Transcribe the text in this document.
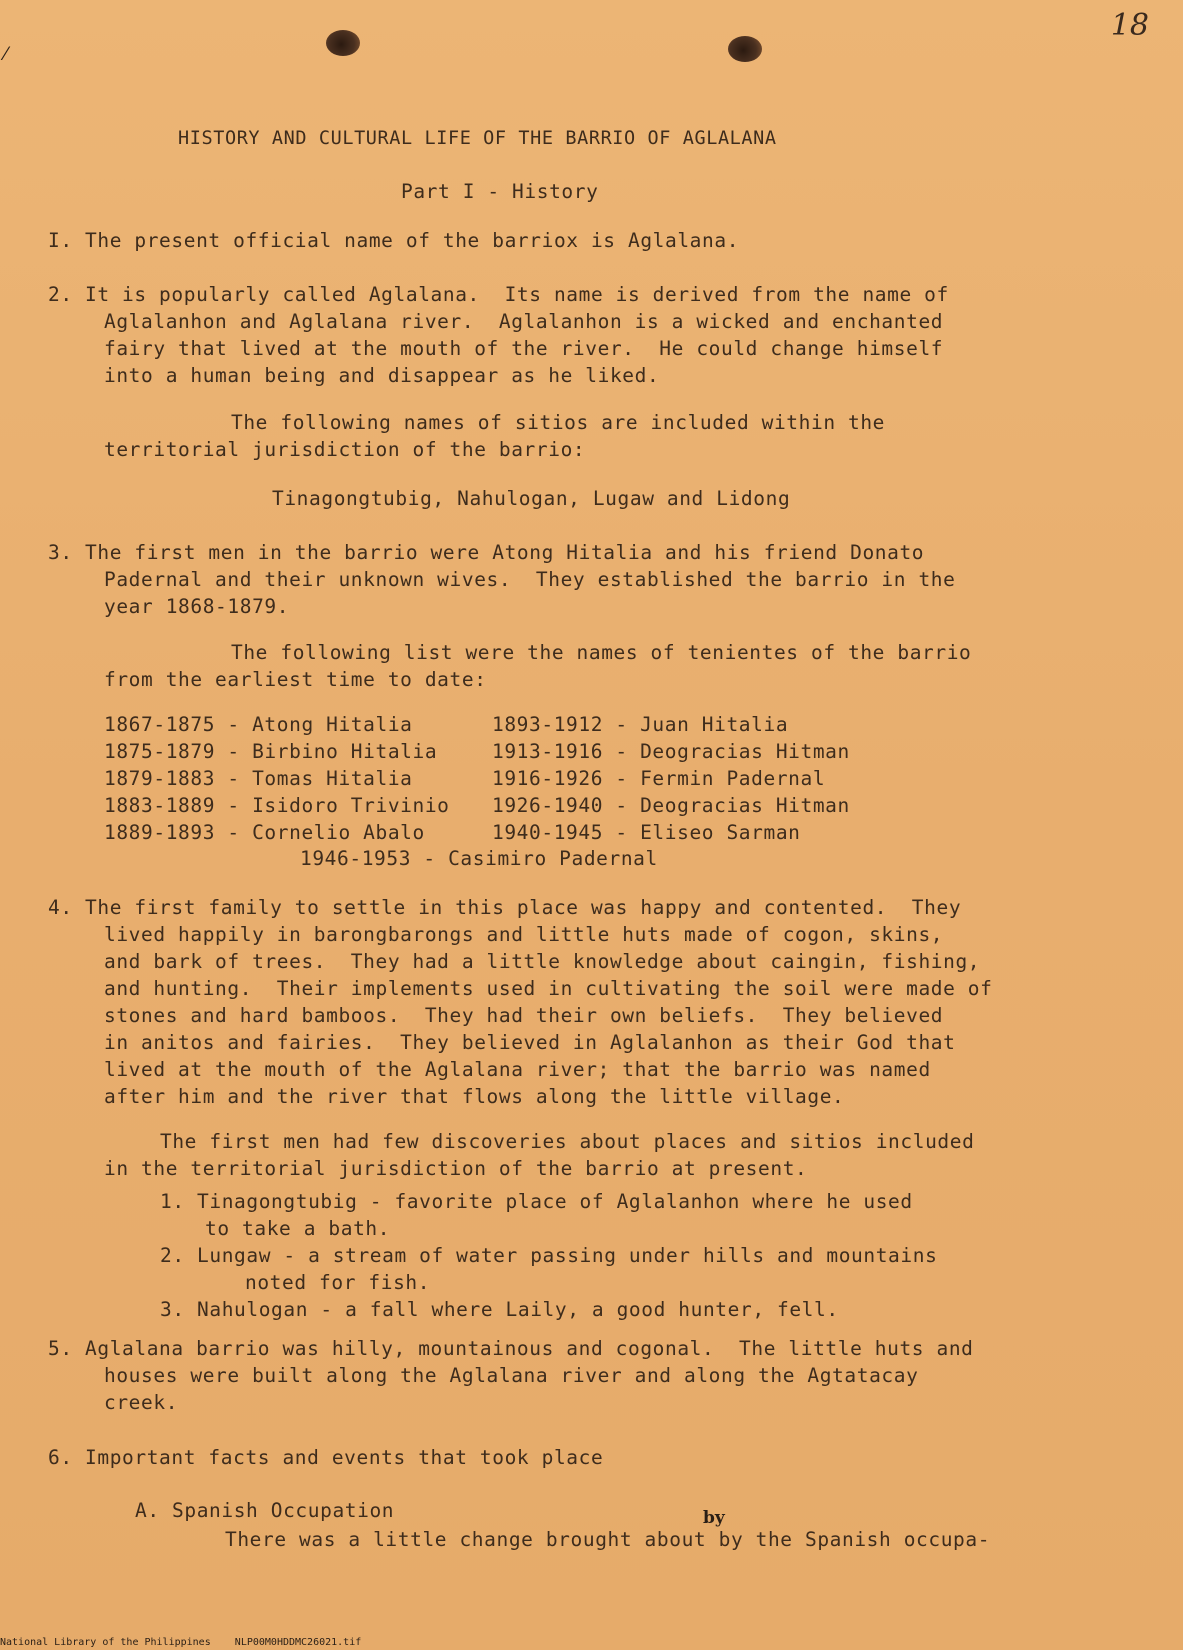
18
HISTORY AND CULTURAL LIFE OF THE BARRIO OF AGLALANA
Part I - History
I. The present official name of the barriox is Aglalana.
2. It is popularly called Aglalana.  Its name is derived from the name of
Aglalanhon and Aglalana river.  Aglalanhon is a wicked and enchanted
fairy that lived at the mouth of the river.  He could change himself
into a human being and disappear as he liked.
The following names of sitios are included within the
territorial jurisdiction of the barrio:
Tinagongtubig, Nahulogan, Lugaw and Lidong
3. The first men in the barrio were Atong Hitalia and his friend Donato
Padernal and their unknown wives.  They established the barrio in the
year 1868-1879.
The following list were the names of tenientes of the barrio
from the earliest time to date:
1867-1875 - Atong Hitalia
1875-1879 - Birbino Hitalia
1879-1883 - Tomas Hitalia
1883-1889 - Isidoro Trivinio
1889-1893 - Cornelio Abalo
1893-1912 - Juan Hitalia
1913-1916 - Deogracias Hitman
1916-1926 - Fermin Padernal
1926-1940 - Deogracias Hitman
1940-1945 - Eliseo Sarman
1946-1953 - Casimiro Padernal
4. The first family to settle in this place was happy and contented.  They
lived happily in barongbarongs and little huts made of cogon, skins,
and bark of trees.  They had a little knowledge about caingin, fishing,
and hunting.  Their implements used in cultivating the soil were made of
stones and hard bamboos.  They had their own beliefs.  They believed
in anitos and fairies.  They believed in Aglalanhon as their God that
lived at the mouth of the Aglalana river; that the barrio was named
after him and the river that flows along the little village.
The first men had few discoveries about places and sitios included
in the territorial jurisdiction of the barrio at present.
1. Tinagongtubig - favorite place of Aglalanhon where he used
to take a bath.
2. Lungaw - a stream of water passing under hills and mountains
noted for fish.
3. Nahulogan - a fall where Laily, a good hunter, fell.
5. Aglalana barrio was hilly, mountainous and cogonal.  The little huts and
houses were built along the Aglalana river and along the Agtatacay
creek.
6. Important facts and events that took place
A. Spanish Occupation
There was a little change brought about by the Spanish occupa-
by
⁄
National Library of the Philippines    NLP00M0HDDMC26021.tif
